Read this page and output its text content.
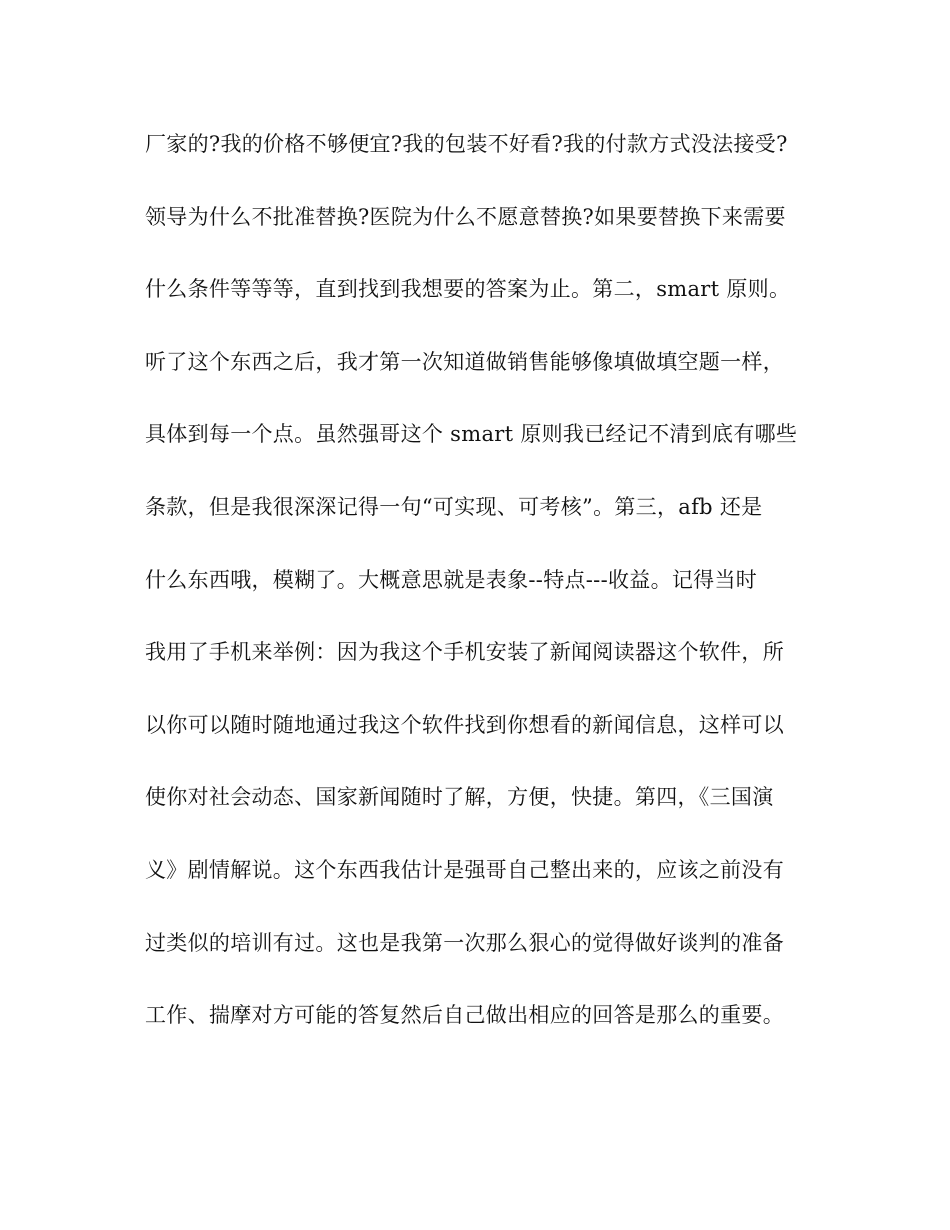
厂家的?我的价格不够便宜?我的包装不好看?我的付款方式没法接受?
领导为什么不批准替换?医院为什么不愿意替换?如果要替换下来需要
什么条件等等等，直到找到我想要的答案为止。第二，smart 原则。
听了这个东西之后，我才第一次知道做销售能够像填做填空题一样，
具体到每一个点。虽然强哥这个 smart 原则我已经记不清到底有哪些
条款，但是我很深深记得一句“可实现、可考核”。第三，afb 还是
什么东西哦，模糊了。大概意思就是表象--特点---收益。记得当时
我用了手机来举例：因为我这个手机安装了新闻阅读器这个软件，所
以你可以随时随地通过我这个软件找到你想看的新闻信息，这样可以
使你对社会动态、国家新闻随时了解，方便，快捷。第四，《三国演
义》剧情解说。这个东西我估计是强哥自己整出来的，应该之前没有
过类似的培训有过。这也是我第一次那么狠心的觉得做好谈判的准备
工作、揣摩对方可能的答复然后自己做出相应的回答是那么的重要。
